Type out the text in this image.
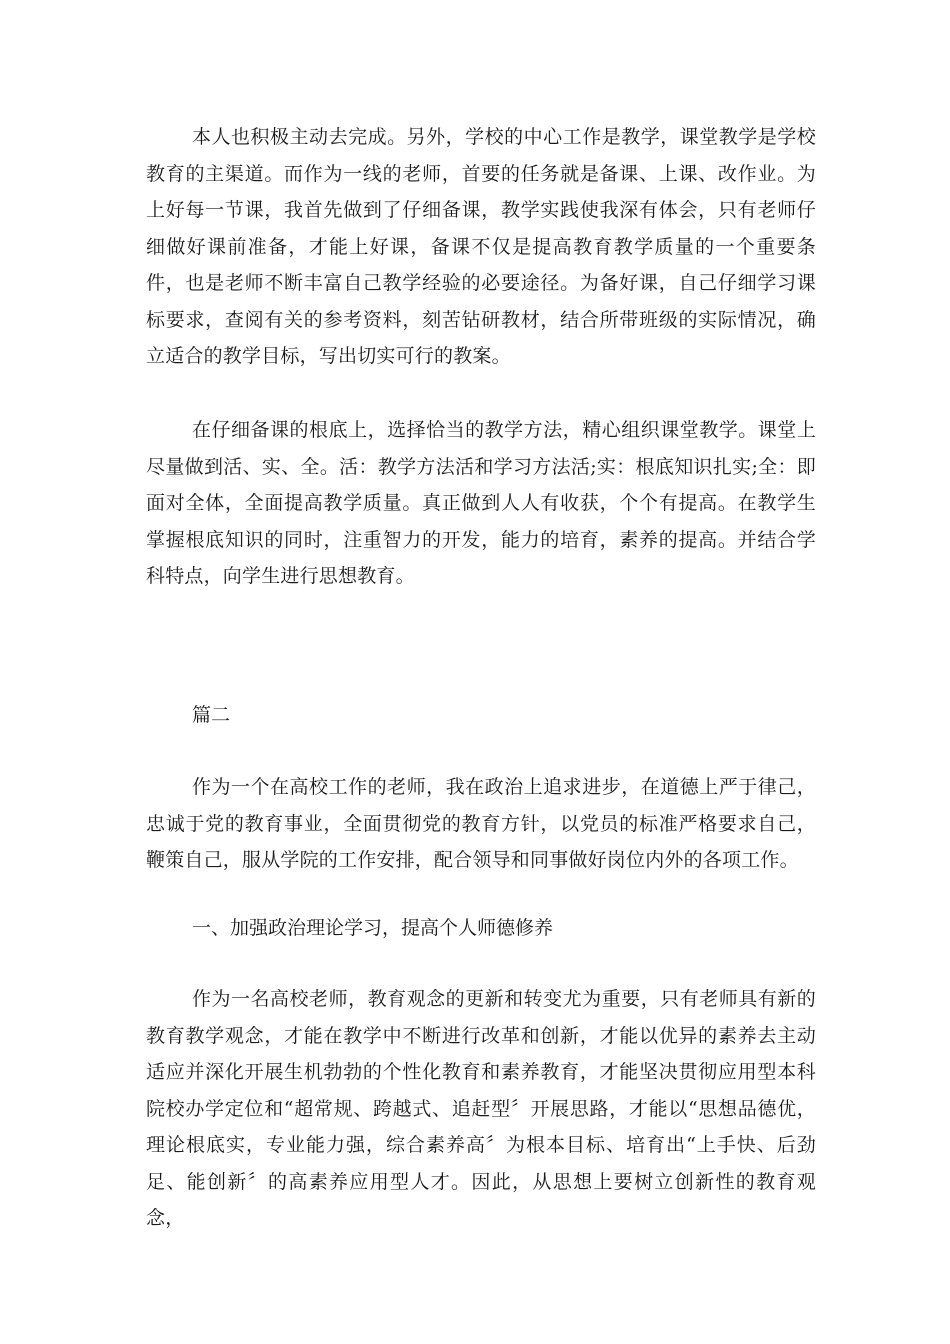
本人也积极主动去完成。另外，学校的中心工作是教学，课堂教学是学校教育的主渠道。而作为一线的老师，首要的任务就是备课、上课、改作业。为上好每一节课，我首先做到了仔细备课，教学实践使我深有体会，只有老师仔细做好课前准备，才能上好课，备课不仅是提高教育教学质量的一个重要条件，也是老师不断丰富自己教学经验的必要途径。为备好课，自己仔细学习课标要求，查阅有关的参考资料，刻苦钻研教材，结合所带班级的实际情况，确立适合的教学目标，写出切实可行的教案。

在仔细备课的根底上，选择恰当的教学方法，精心组织课堂教学。课堂上尽量做到活、实、全。活：教学方法活和学习方法活;实：根底知识扎实;全：即面对全体，全面提高教学质量。真正做到人人有收获，个个有提高。在教学生掌握根底知识的同时，注重智力的开发，能力的培育，素养的提高。并结合学科特点，向学生进行思想教育。

篇二

作为一个在高校工作的老师，我在政治上追求进步，在道德上严于律己，忠诚于党的教育事业，全面贯彻党的教育方针，以党员的标准严格要求自己，鞭策自己，服从学院的工作安排，配合领导和同事做好岗位内外的各项工作。

一、加强政治理论学习，提高个人师德修养

作为一名高校老师，教育观念的更新和转变尤为重要，只有老师具有新的教育教学观念，才能在教学中不断进行改革和创新，才能以优异的素养去主动适应并深化开展生机勃勃的个性化教育和素养教育，才能坚决贯彻应用型本科院校办学定位和“超常规、跨越式、追赶型〞开展思路，才能以“思想品德优，理论根底实，专业能力强，综合素养高〞为根本目标、培育出“上手快、后劲足、能创新〞的高素养应用型人才。因此，从思想上要树立创新性的教育观念，
